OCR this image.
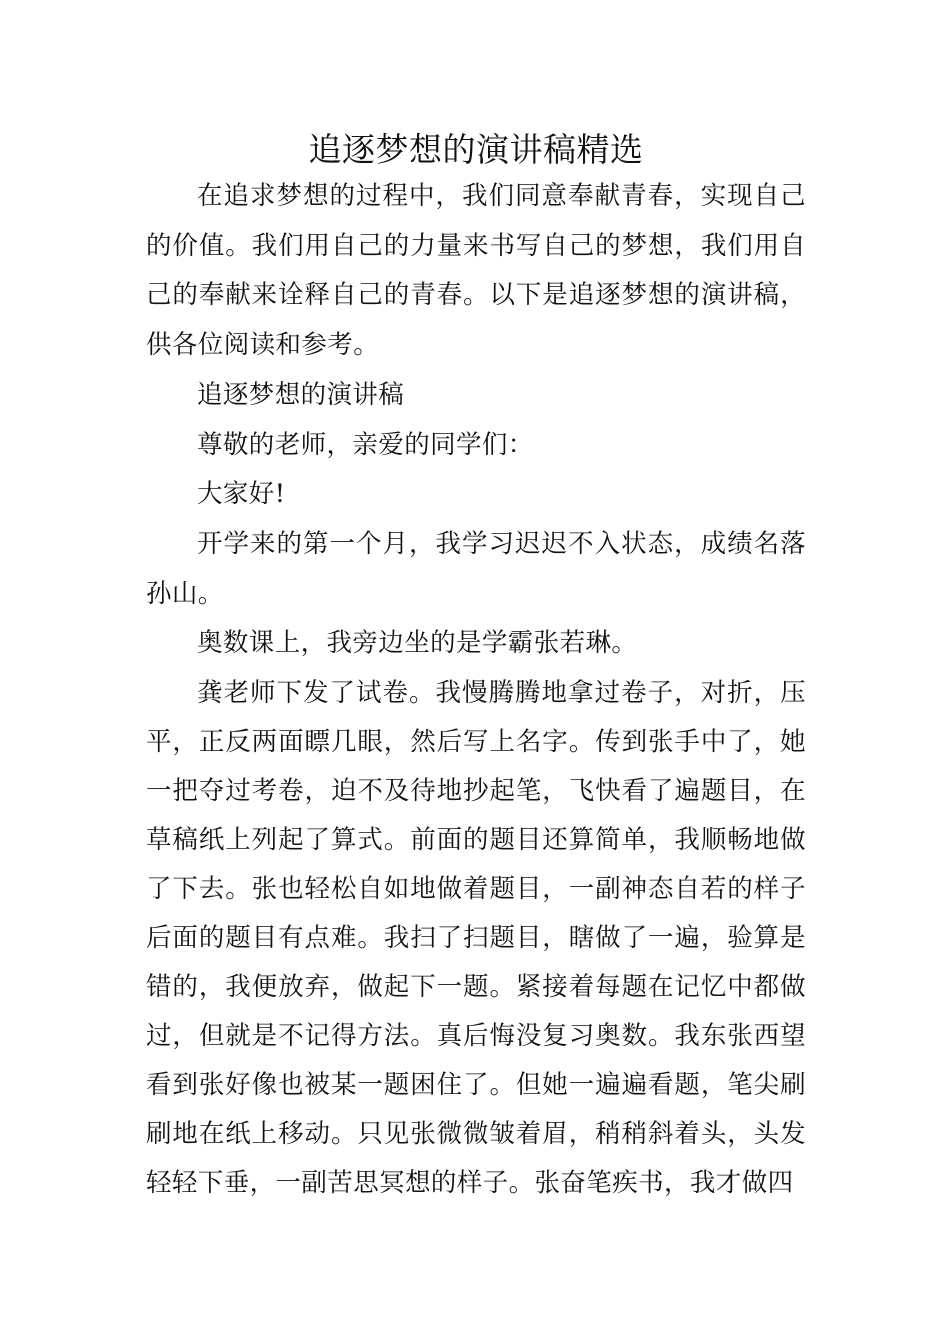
追逐梦想的演讲稿精选

在追求梦想的过程中，我们同意奉献青春，实现自己的价值。我们用自己的力量来书写自己的梦想，我们用自己的奉献来诠释自己的青春。以下是追逐梦想的演讲稿，供各位阅读和参考。

追逐梦想的演讲稿

尊敬的老师，亲爱的同学们：

大家好!

开学来的第一个月，我学习迟迟不入状态，成绩名落孙山。

奥数课上，我旁边坐的是学霸张若琳。

龚老师下发了试卷。我慢腾腾地拿过卷子，对折，压平，正反两面瞟几眼，然后写上名字。传到张手中了，她一把夺过考卷，迫不及待地抄起笔，飞快看了遍题目，在草稿纸上列起了算式。前面的题目还算简单，我顺畅地做了下去。张也轻松自如地做着题目，一副神态自若的样子后面的题目有点难。我扫了扫题目，瞎做了一遍，验算是错的，我便放弃，做起下一题。紧接着每题在记忆中都做过，但就是不记得方法。真后悔没复习奥数。我东张西望看到张好像也被某一题困住了。但她一遍遍看题，笔尖刷刷地在纸上移动。只见张微微皱着眉，稍稍斜着头，头发轻轻下垂，一副苦思冥想的样子。张奋笔疾书，我才做四
